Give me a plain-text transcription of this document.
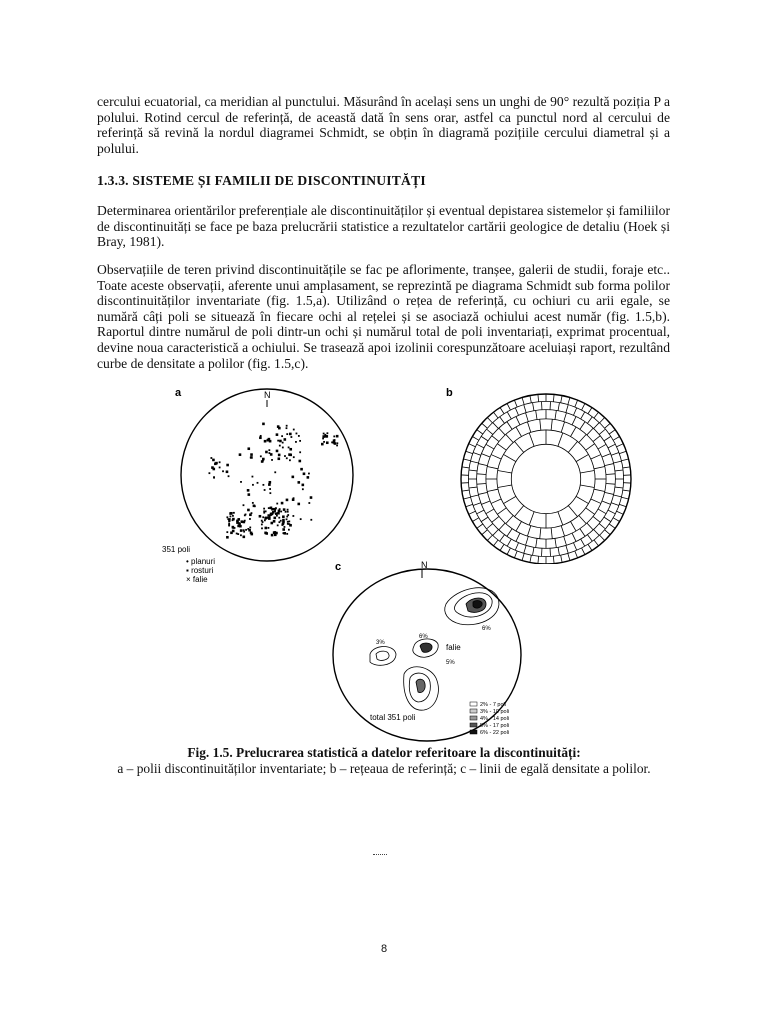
cercului ecuatorial, ca meridian al punctului. Măsurând în același sens un unghi de 90° rezultă poziția P a polului. Rotind cercul de referință, de această dată în sens orar, astfel ca punctul nord al cercului de referință să revină la nordul diagramei Schmidt, se obțin în diagramă pozițiile cercului diametral și a polului.

1.3.3. SISTEME ȘI FAMILII DE DISCONTINUITĂȚI

Determinarea orientărilor preferențiale ale discontinuităților și eventual depistarea sistemelor și familiilor de discontinuități se face pe baza prelucrării statistice a rezultatelor cartării geologice de detaliu (Hoek și Bray, 1981).

Observațiile de teren privind discontinuitățile se fac pe aflorimente, tranșee, galerii de studii, foraje etc.. Toate aceste observații, aferente unui amplasament, se reprezintă pe diagrama Schmidt sub forma polilor discontinuităților inventariate (fig. 1.5,a). Utilizând o rețea de referință, cu ochiuri cu arii egale, se numără câți poli se situează în fiecare ochi al rețelei și se asociază ochiului acest număr (fig. 1.5,b). Raportul dintre numărul de poli dintr-un ochi și numărul total de poli inventariați, exprimat procentual, devine noua caracteristică a ochiului. Se trasează apoi izolinii corespunzătoare aceluiași raport, rezultând curbe de densitate a polilor (fig. 1.5,c).

a	N
351 poli
• planuri
▪ rosturi
× falie
b
c	N
3%
6%
5%
6%
falie
total 351 poli
2% - 7 poli
3% - 10 poli
4% - 14 poli
5% - 17 poli
6% - 22 poli
Fig. 1.5. Prelucrarea statistică a datelor referitoare la discontinuități:
a – polii discontinuităților inventariate; b – rețeaua de referință; c – linii de egală densitate a polilor.
8
